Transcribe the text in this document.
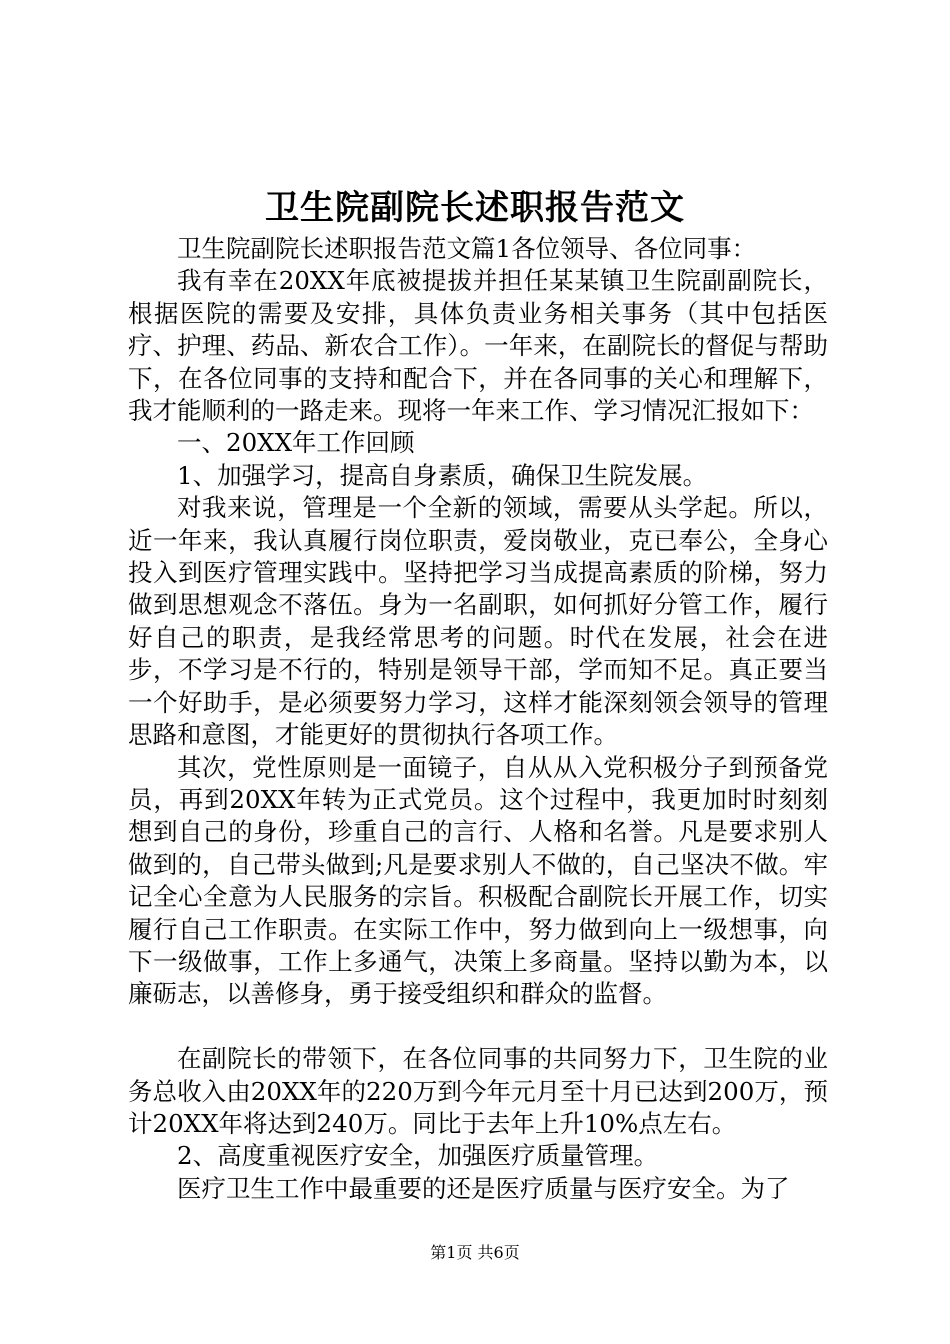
卫生院副院长述职报告范文

卫生院副院长述职报告范文篇1各位领导、各位同事：

我有幸在20XX年底被提拔并担任某某镇卫生院副副院长，根据医院的需要及安排，具体负责业务相关事务（其中包括医疗、护理、药品、新农合工作）。一年来，在副院长的督促与帮助下，在各位同事的支持和配合下，并在各同事的关心和理解下，我才能顺利的一路走来。现将一年来工作、学习情况汇报如下：

一、20XX年工作回顾

1、加强学习，提高自身素质，确保卫生院发展。

对我来说，管理是一个全新的领域，需要从头学起。所以，近一年来，我认真履行岗位职责，爱岗敬业，克已奉公，全身心投入到医疗管理实践中。坚持把学习当成提高素质的阶梯，努力做到思想观念不落伍。身为一名副职，如何抓好分管工作，履行好自己的职责，是我经常思考的问题。时代在发展，社会在进步，不学习是不行的，特别是领导干部，学而知不足。真正要当一个好助手，是必须要努力学习，这样才能深刻领会领导的管理思路和意图，才能更好的贯彻执行各项工作。

其次，党性原则是一面镜子，自从从入党积极分子到预备党员，再到20XX年转为正式党员。这个过程中，我更加时时刻刻想到自己的身份，珍重自己的言行、人格和名誉。凡是要求别人做到的，自己带头做到;凡是要求别人不做的，自己坚决不做。牢记全心全意为人民服务的宗旨。积极配合副院长开展工作，切实履行自己工作职责。在实际工作中，努力做到向上一级想事，向下一级做事，工作上多通气，决策上多商量。坚持以勤为本，以廉砺志，以善修身，勇于接受组织和群众的监督。

在副院长的带领下，在各位同事的共同努力下，卫生院的业务总收入由20XX年的220万到今年元月至十月已达到200万，预计20XX年将达到240万。同比于去年上升10%点左右。

2、高度重视医疗安全，加强医疗质量管理。

医疗卫生工作中最重要的还是医疗质量与医疗安全。为了

第1页 共6页
